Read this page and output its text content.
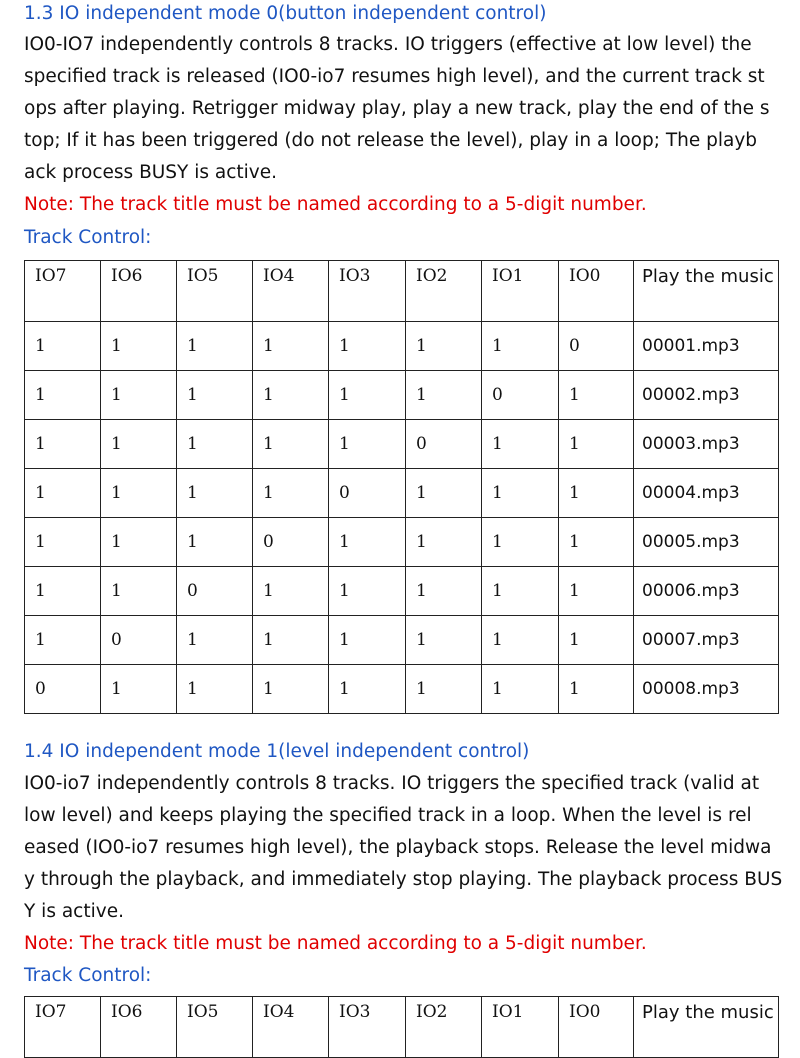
1.3 IO independent mode 0(button independent control)
IO0-IO7 independently controls 8 tracks. IO triggers (effective at low level) the
specified track is released (IO0-io7 resumes high level), and the current track st
ops after playing. Retrigger midway play, play a new track, play the end of the s
top; If it has been triggered (do not release the level), play in a loop; The playb
ack process BUSY is active.
Note: The track title must be named according to a 5-digit number.
Track Control:
IO7	IO6	IO5	IO4	IO3	IO2	IO1	IO0	Play the music
1	1	1	1	1	1	1	0	00001.mp3
1	1	1	1	1	1	0	1	00002.mp3
1	1	1	1	1	0	1	1	00003.mp3
1	1	1	1	0	1	1	1	00004.mp3
1	1	1	0	1	1	1	1	00005.mp3
1	1	0	1	1	1	1	1	00006.mp3
1	0	1	1	1	1	1	1	00007.mp3
0	1	1	1	1	1	1	1	00008.mp3
1.4 IO independent mode 1(level independent control)
IO0-io7 independently controls 8 tracks. IO triggers the specified track (valid at
low level) and keeps playing the specified track in a loop. When the level is rel
eased (IO0-io7 resumes high level), the playback stops. Release the level midwa
y through the playback, and immediately stop playing. The playback process BUS
Y is active.
Note: The track title must be named according to a 5-digit number.
Track Control:
IO7	IO6	IO5	IO4	IO3	IO2	IO1	IO0	Play the music
